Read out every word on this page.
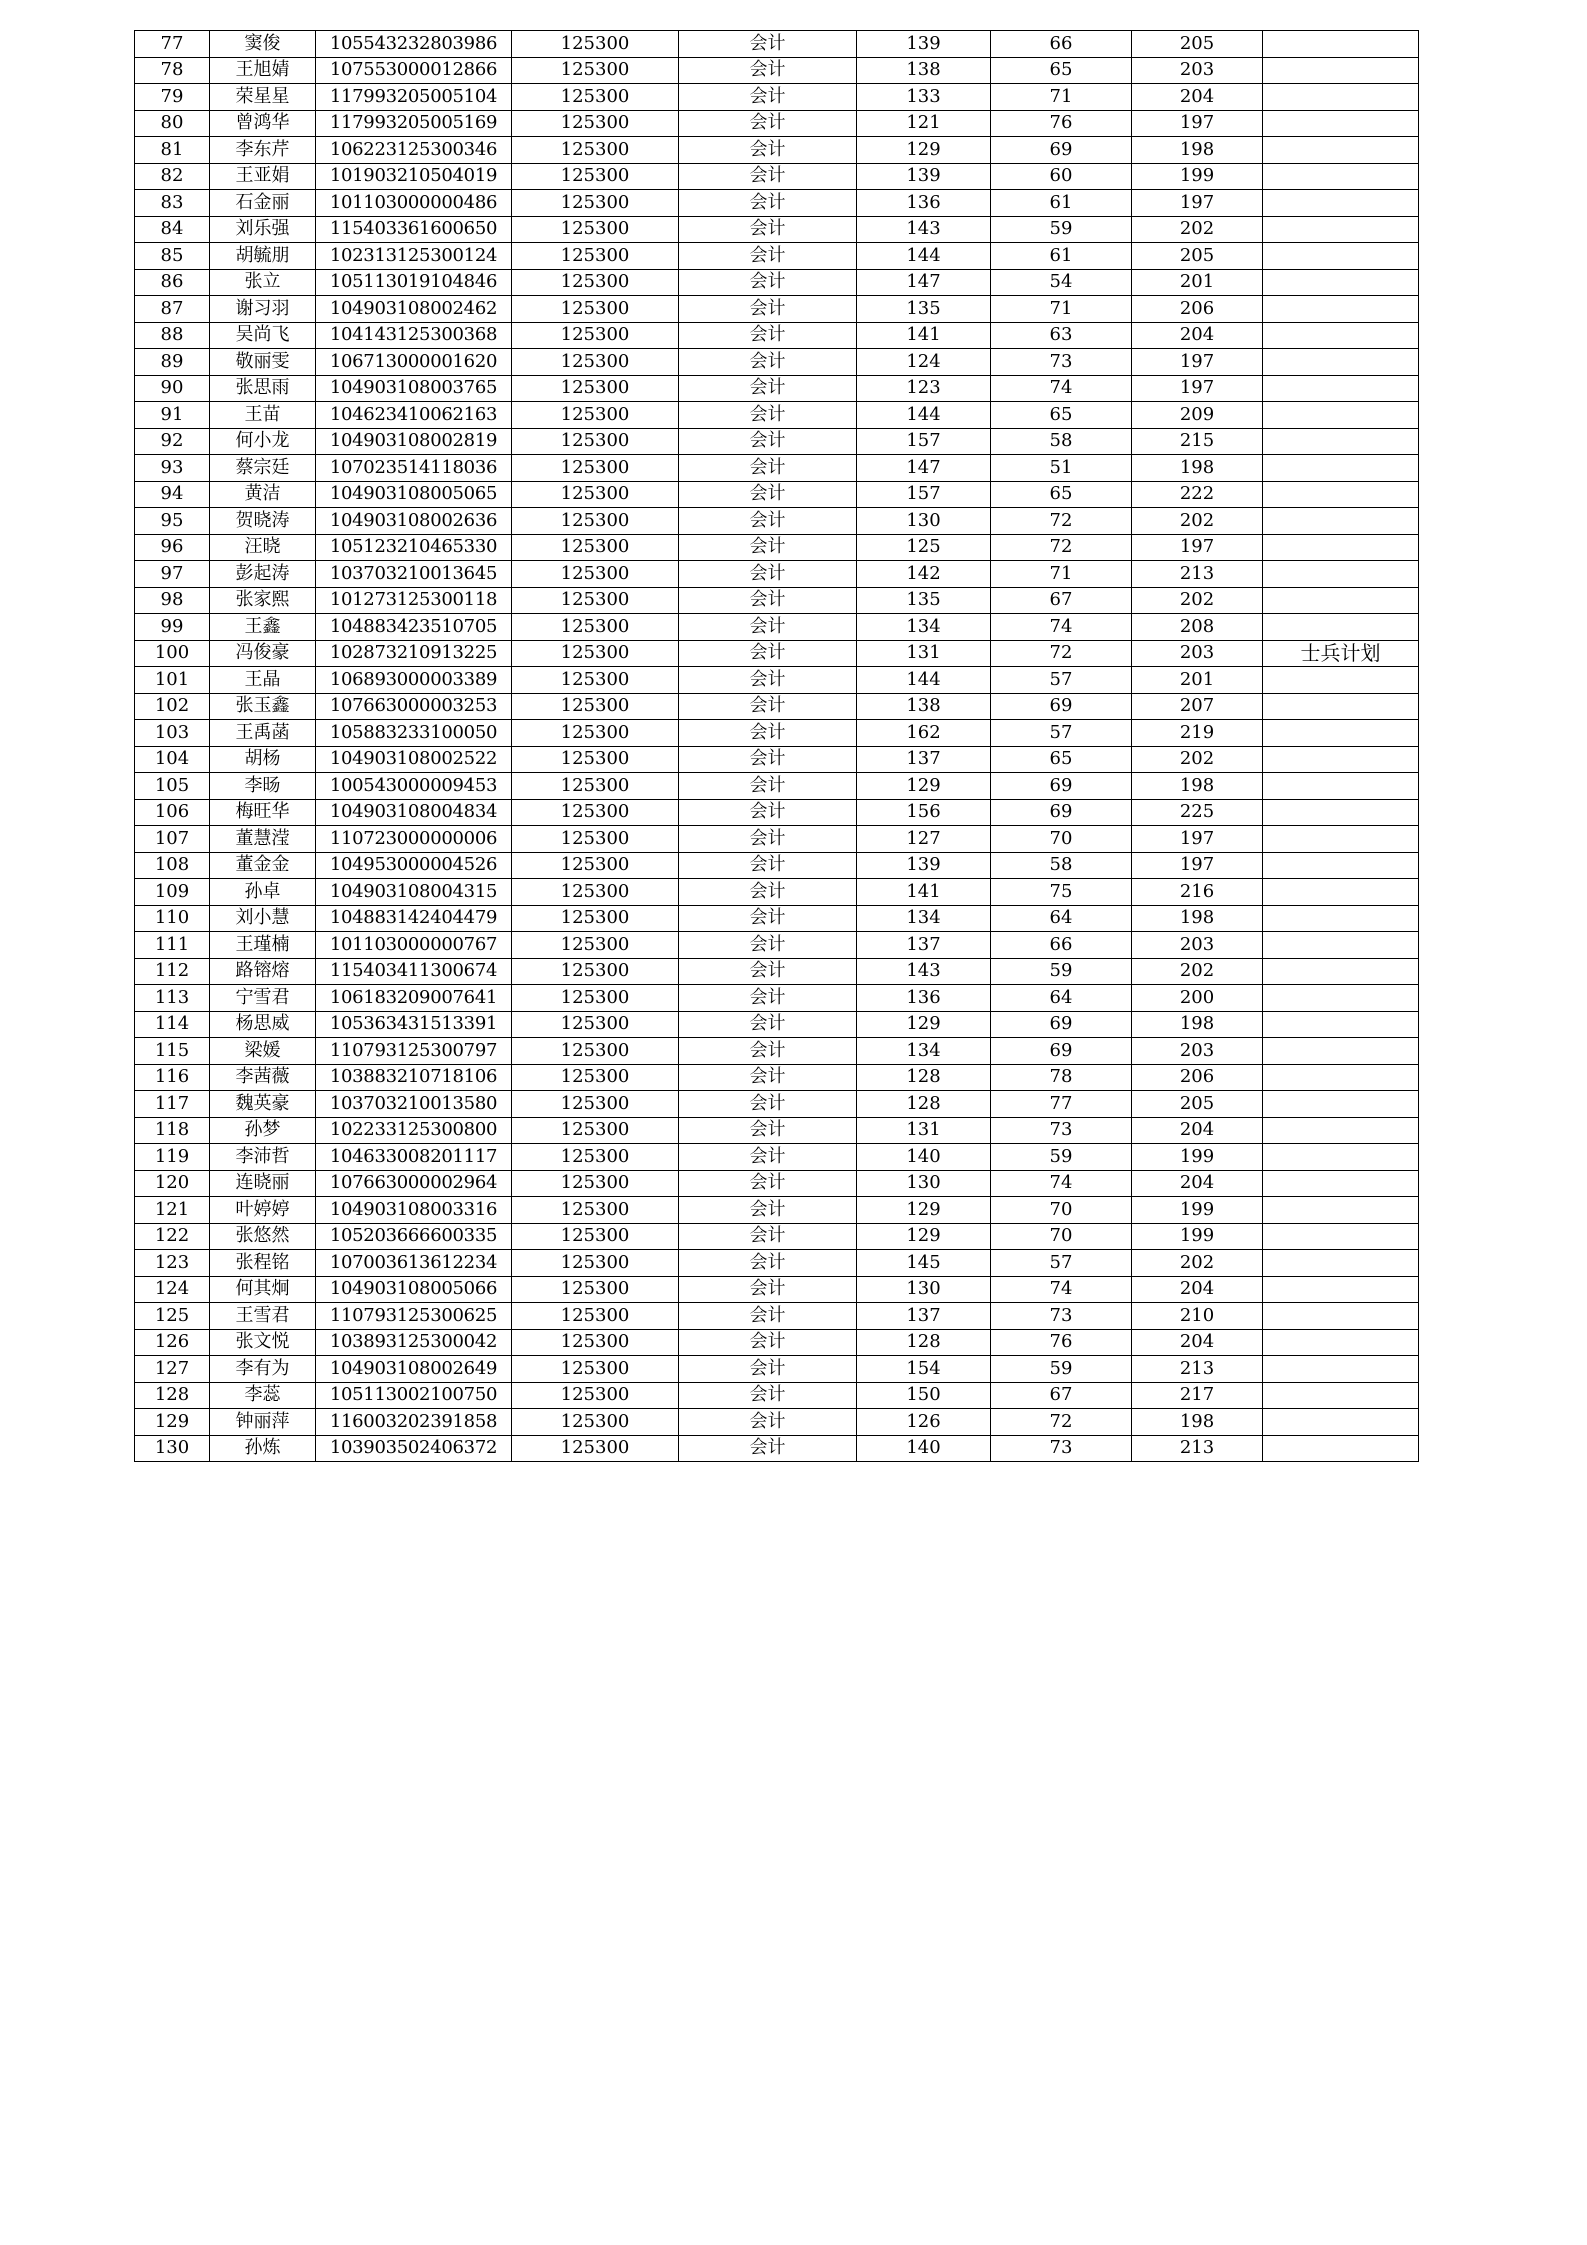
77	窦俊	105543232803986	125300	会计	139	66	205	
78	王旭婧	107553000012866	125300	会计	138	65	203	
79	荣星星	117993205005104	125300	会计	133	71	204	
80	曾鸿华	117993205005169	125300	会计	121	76	197	
81	李东芹	106223125300346	125300	会计	129	69	198	
82	王亚娟	101903210504019	125300	会计	139	60	199	
83	石金丽	101103000000486	125300	会计	136	61	197	
84	刘乐强	115403361600650	125300	会计	143	59	202	
85	胡毓朋	102313125300124	125300	会计	144	61	205	
86	张立	105113019104846	125300	会计	147	54	201	
87	谢习羽	104903108002462	125300	会计	135	71	206	
88	吴尚飞	104143125300368	125300	会计	141	63	204	
89	敬丽雯	106713000001620	125300	会计	124	73	197	
90	张思雨	104903108003765	125300	会计	123	74	197	
91	王苗	104623410062163	125300	会计	144	65	209	
92	何小龙	104903108002819	125300	会计	157	58	215	
93	蔡宗廷	107023514118036	125300	会计	147	51	198	
94	黄洁	104903108005065	125300	会计	157	65	222	
95	贺晓涛	104903108002636	125300	会计	130	72	202	
96	汪晓	105123210465330	125300	会计	125	72	197	
97	彭起涛	103703210013645	125300	会计	142	71	213	
98	张家熙	101273125300118	125300	会计	135	67	202	
99	王鑫	104883423510705	125300	会计	134	74	208	
100	冯俊豪	102873210913225	125300	会计	131	72	203	士兵计划
101	王晶	106893000003389	125300	会计	144	57	201	
102	张玉鑫	107663000003253	125300	会计	138	69	207	
103	王禹菡	105883233100050	125300	会计	162	57	219	
104	胡杨	104903108002522	125300	会计	137	65	202	
105	李旸	100543000009453	125300	会计	129	69	198	
106	梅旺华	104903108004834	125300	会计	156	69	225	
107	董慧滢	110723000000006	125300	会计	127	70	197	
108	董金金	104953000004526	125300	会计	139	58	197	
109	孙卓	104903108004315	125300	会计	141	75	216	
110	刘小慧	104883142404479	125300	会计	134	64	198	
111	王瑾楠	101103000000767	125300	会计	137	66	203	
112	路镕熔	115403411300674	125300	会计	143	59	202	
113	宁雪君	106183209007641	125300	会计	136	64	200	
114	杨思威	105363431513391	125300	会计	129	69	198	
115	梁媛	110793125300797	125300	会计	134	69	203	
116	李茜薇	103883210718106	125300	会计	128	78	206	
117	魏英豪	103703210013580	125300	会计	128	77	205	
118	孙梦	102233125300800	125300	会计	131	73	204	
119	李沛哲	104633008201117	125300	会计	140	59	199	
120	连晓丽	107663000002964	125300	会计	130	74	204	
121	叶婷婷	104903108003316	125300	会计	129	70	199	
122	张悠然	105203666600335	125300	会计	129	70	199	
123	张程铭	107003613612234	125300	会计	145	57	202	
124	何其炯	104903108005066	125300	会计	130	74	204	
125	王雪君	110793125300625	125300	会计	137	73	210	
126	张文悦	103893125300042	125300	会计	128	76	204	
127	李有为	104903108002649	125300	会计	154	59	213	
128	李蕊	105113002100750	125300	会计	150	67	217	
129	钟丽萍	116003202391858	125300	会计	126	72	198	
130	孙炼	103903502406372	125300	会计	140	73	213	
